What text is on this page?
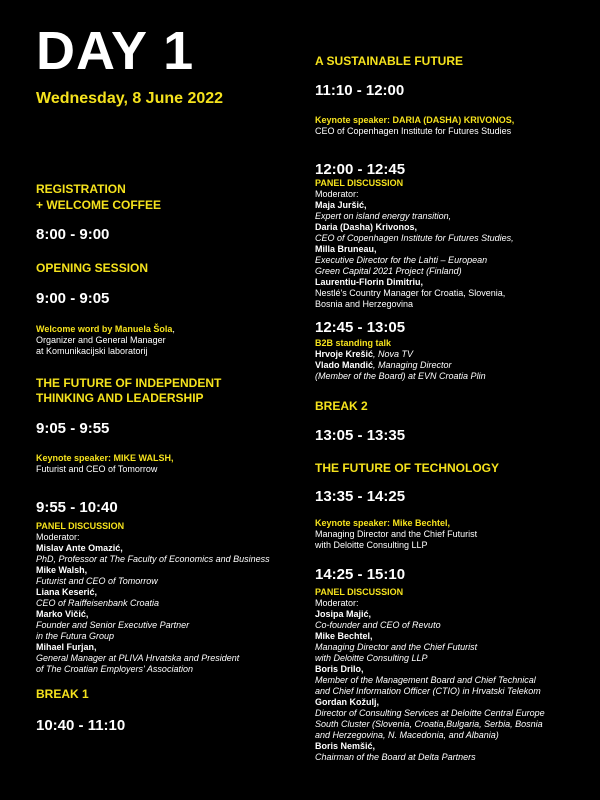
DAY 1

Wednesday, 8 June 2022

REGISTRATION

+ WELCOME COFFEE

8:00 - 9:00

OPENING SESSION

9:00 - 9:05

Welcome word by Manuela Šola,
Organizer and General Manager
at Komunikacijski laboratorij

THE FUTURE OF INDEPENDENT

THINKING AND LEADERSHIP

9:05 - 9:55

Keynote speaker: MIKE WALSH,
Futurist and CEO of Tomorrow

9:55 - 10:40

PANEL DISCUSSION
Moderator:
Mislav Ante Omazić,
PhD, Professor at The Faculty of Economics and Business
Mike Walsh,
Futurist and CEO of Tomorrow
Liana Keserić,
CEO of Raiffeisenbank Croatia
Marko Vičić,
Founder and Senior Executive Partner
in the Futura Group
Mihael Furjan,
General Manager at PLIVA Hrvatska and President
of The Croatian Employers' Association

BREAK 1

10:40 - 11:10

A SUSTAINABLE FUTURE

11:10 - 12:00

Keynote speaker: DARIA (DASHA) KRIVONOS,
CEO of Copenhagen Institute for Futures Studies

12:00 - 12:45

PANEL DISCUSSION
Moderator:
Maja Juršić,
Expert on island energy transition,
Daria (Dasha) Krivonos,
CEO of Copenhagen Institute for Futures Studies,
Milla Bruneau,
Executive Director for the Lahti – European
Green Capital 2021 Project (Finland)
Laurentiu-Florin Dimitriu,
Nestlé's Country Manager for Croatia, Slovenia,
Bosnia and Herzegovina

12:45 - 13:05

B2B standing talk
Hrvoje Krešić, Nova TV
Vlado Mandić, Managing Director
(Member of the Board) at EVN Croatia Plin

BREAK 2

13:05 - 13:35

THE FUTURE OF TECHNOLOGY

13:35 - 14:25

Keynote speaker: Mike Bechtel,
Managing Director and the Chief Futurist
with Deloitte Consulting LLP

14:25 - 15:10

PANEL DISCUSSION
Moderator:
Josipa Majić,
Co-founder and CEO of Revuto
Mike Bechtel,
Managing Director and the Chief Futurist
with Deloitte Consulting LLP
Boris Drilo,
Member of the Management Board and Chief Technical
and Chief Information Officer (CTIO) in Hrvatski Telekom
Gordan Kožulj,
Director of Consulting Services at Deloitte Central Europe
South Cluster (Slovenia, Croatia,Bulgaria, Serbia, Bosnia
and Herzegovina, N. Macedonia, and Albania)
Boris Nemšić,
Chairman of the Board at Delta Partners
